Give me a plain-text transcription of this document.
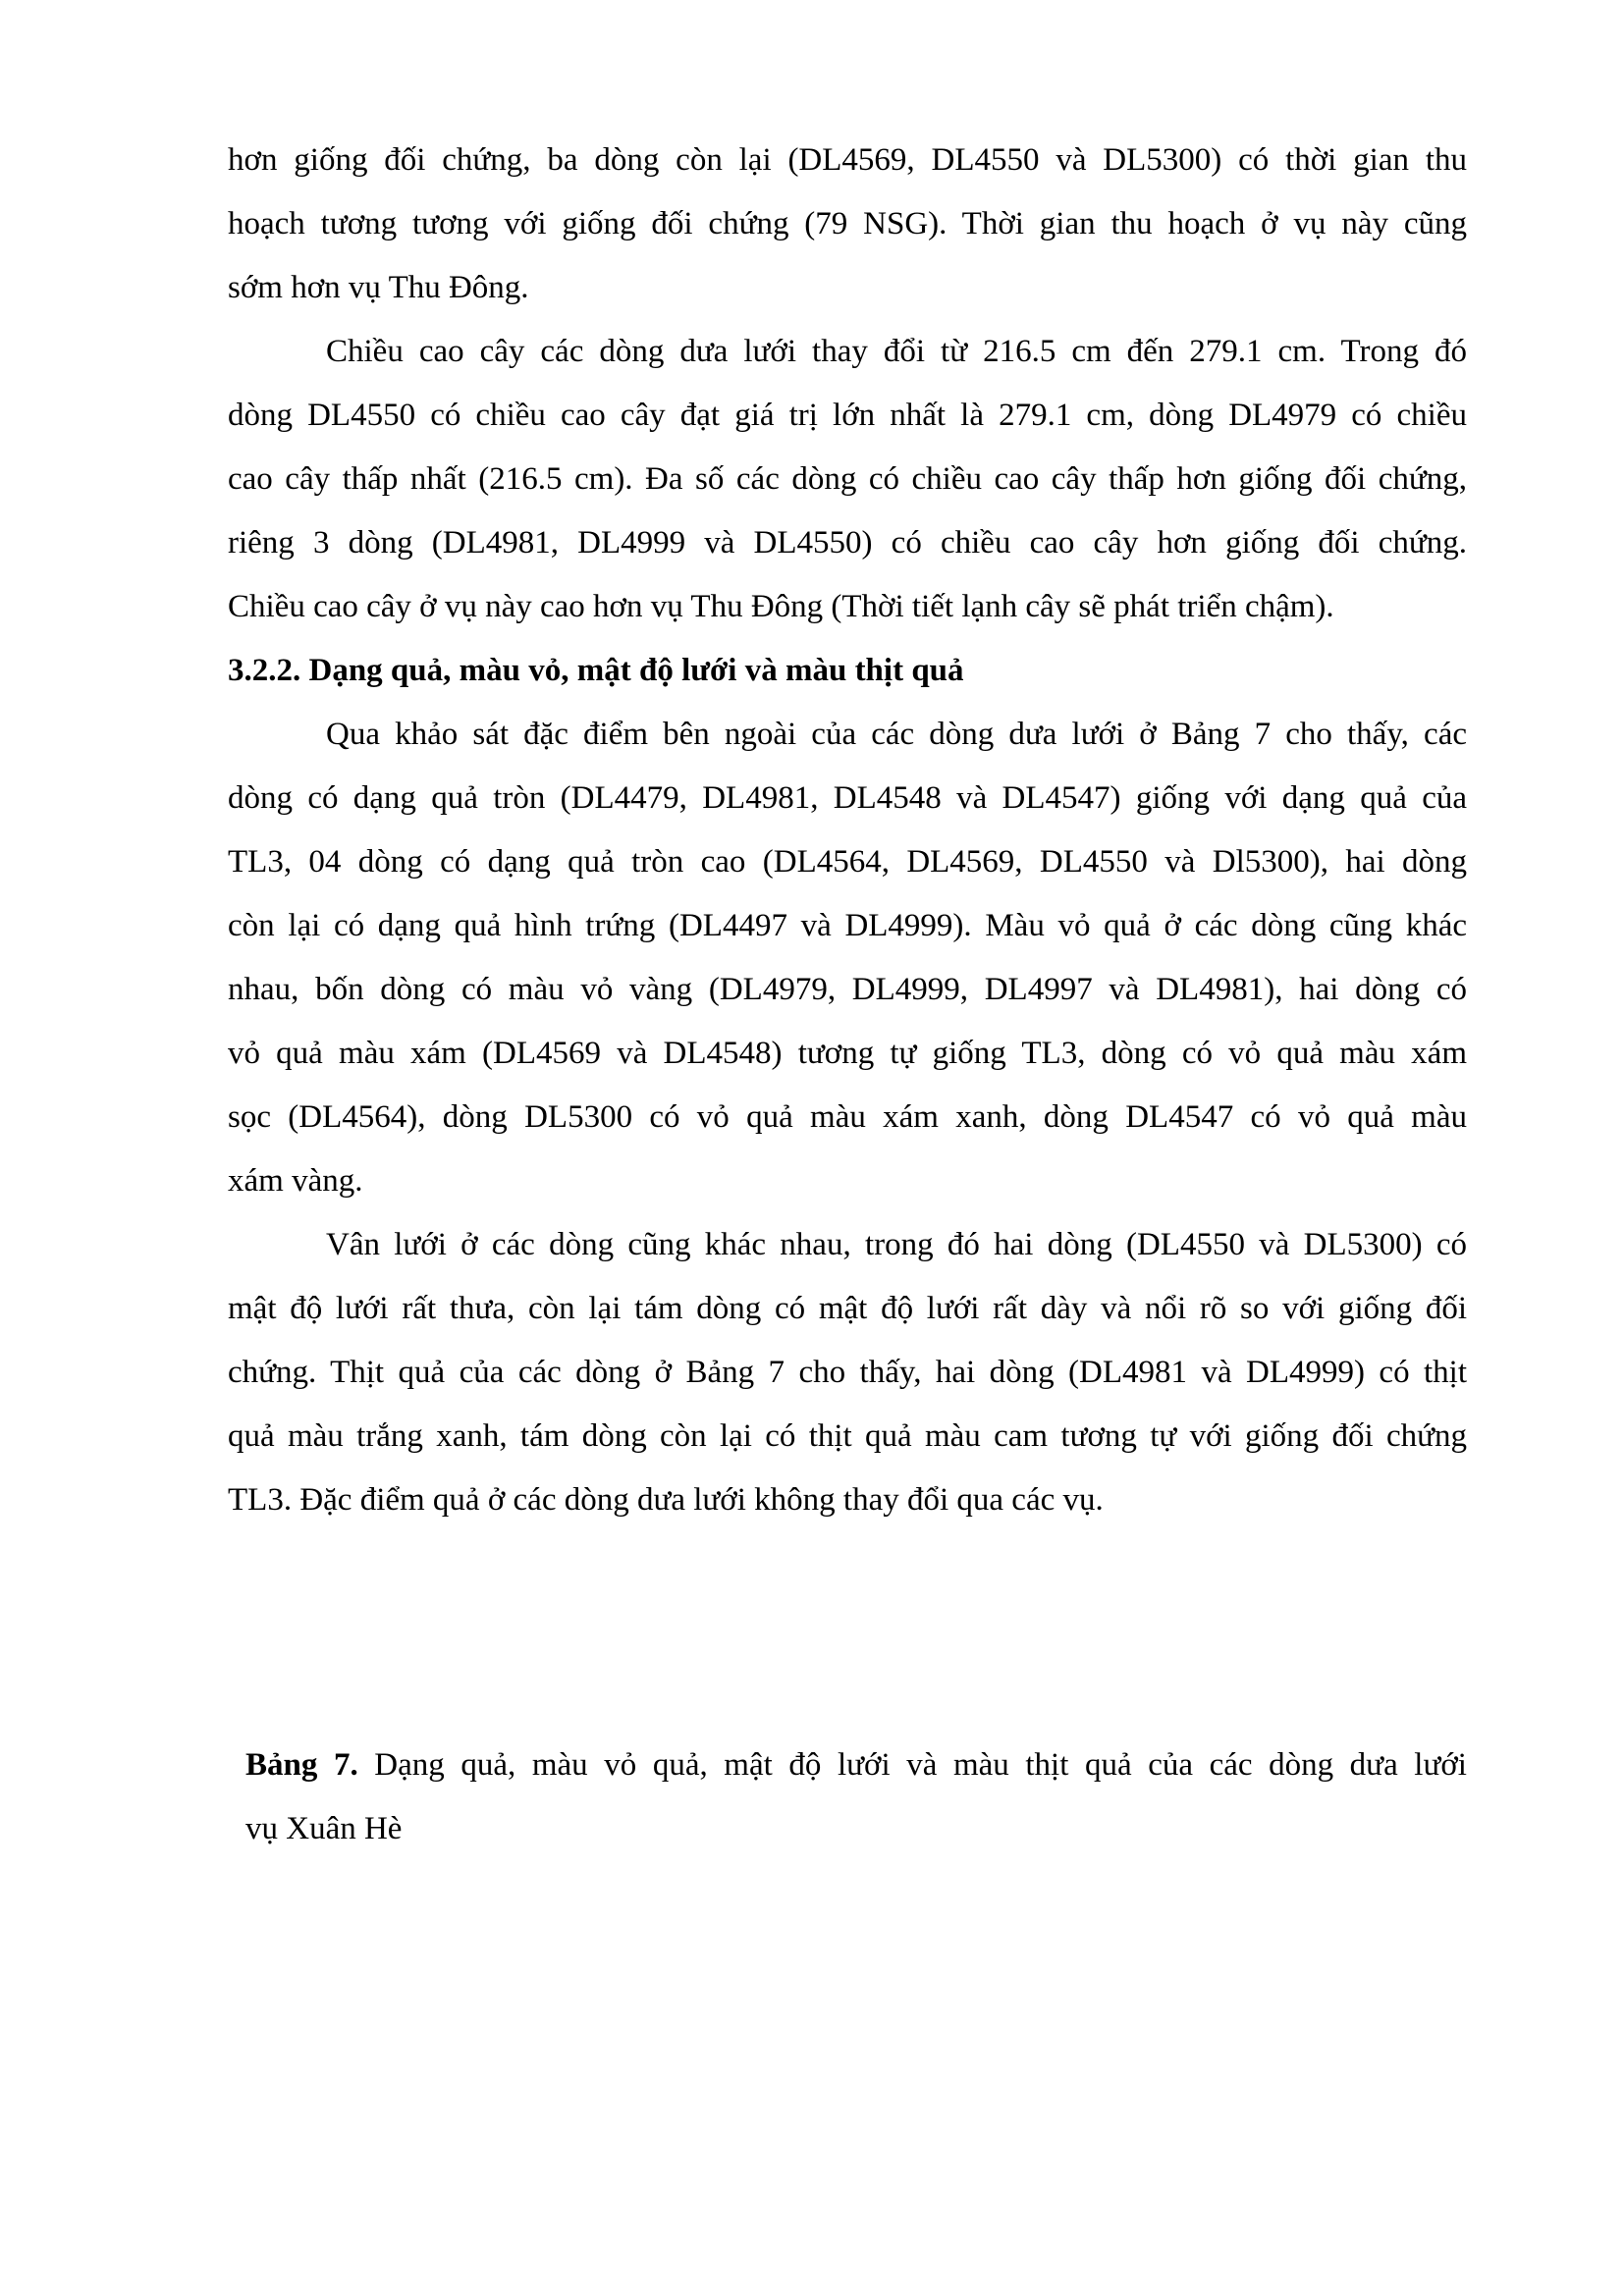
hơn giống đối chứng, ba dòng còn lại (DL4569, DL4550 và DL5300) có thời gian thu
hoạch tương tương với giống đối chứng (79 NSG). Thời gian thu hoạch ở vụ này cũng
sớm hơn vụ Thu Đông.
Chiều cao cây các dòng dưa lưới thay đổi từ 216.5 cm đến 279.1 cm. Trong đó
dòng DL4550 có chiều cao cây đạt giá trị lớn nhất là 279.1 cm, dòng DL4979 có chiều
cao cây thấp nhất (216.5 cm). Đa số các dòng có chiều cao cây thấp hơn giống đối chứng,
riêng 3 dòng (DL4981, DL4999 và DL4550) có chiều cao cây hơn giống đối chứng.
Chiều cao cây ở vụ này cao hơn vụ Thu Đông (Thời tiết lạnh cây sẽ phát triển chậm).
3.2.2. Dạng quả, màu vỏ, mật độ lưới và màu thịt quả
Qua khảo sát đặc điểm bên ngoài của các dòng dưa lưới ở Bảng 7 cho thấy, các
dòng có dạng quả tròn (DL4479, DL4981, DL4548 và DL4547) giống với dạng quả của
TL3, 04 dòng có dạng quả tròn cao (DL4564, DL4569, DL4550 và Dl5300), hai dòng
còn lại có dạng quả hình trứng (DL4497 và DL4999). Màu vỏ quả ở các dòng cũng khác
nhau, bốn dòng có màu vỏ vàng (DL4979, DL4999, DL4997 và DL4981), hai dòng có
vỏ quả màu xám (DL4569 và DL4548) tương tự giống TL3, dòng có vỏ quả màu xám
sọc (DL4564), dòng DL5300 có vỏ quả màu xám xanh, dòng DL4547 có vỏ quả màu
xám vàng.
Vân lưới ở các dòng cũng khác nhau, trong đó hai dòng (DL4550 và DL5300) có
mật độ lưới rất thưa, còn lại tám dòng có mật độ lưới rất dày và nổi rõ so với giống đối
chứng. Thịt quả của các dòng ở Bảng 7 cho thấy, hai dòng (DL4981 và DL4999) có thịt
quả màu trắng xanh, tám dòng còn lại có thịt quả màu cam tương tự với giống đối chứng
TL3. Đặc điểm quả ở các dòng dưa lưới không thay đổi qua các vụ.
Bảng 7. Dạng quả, màu vỏ quả, mật độ lưới và màu thịt quả của các dòng dưa lưới
vụ Xuân Hè
